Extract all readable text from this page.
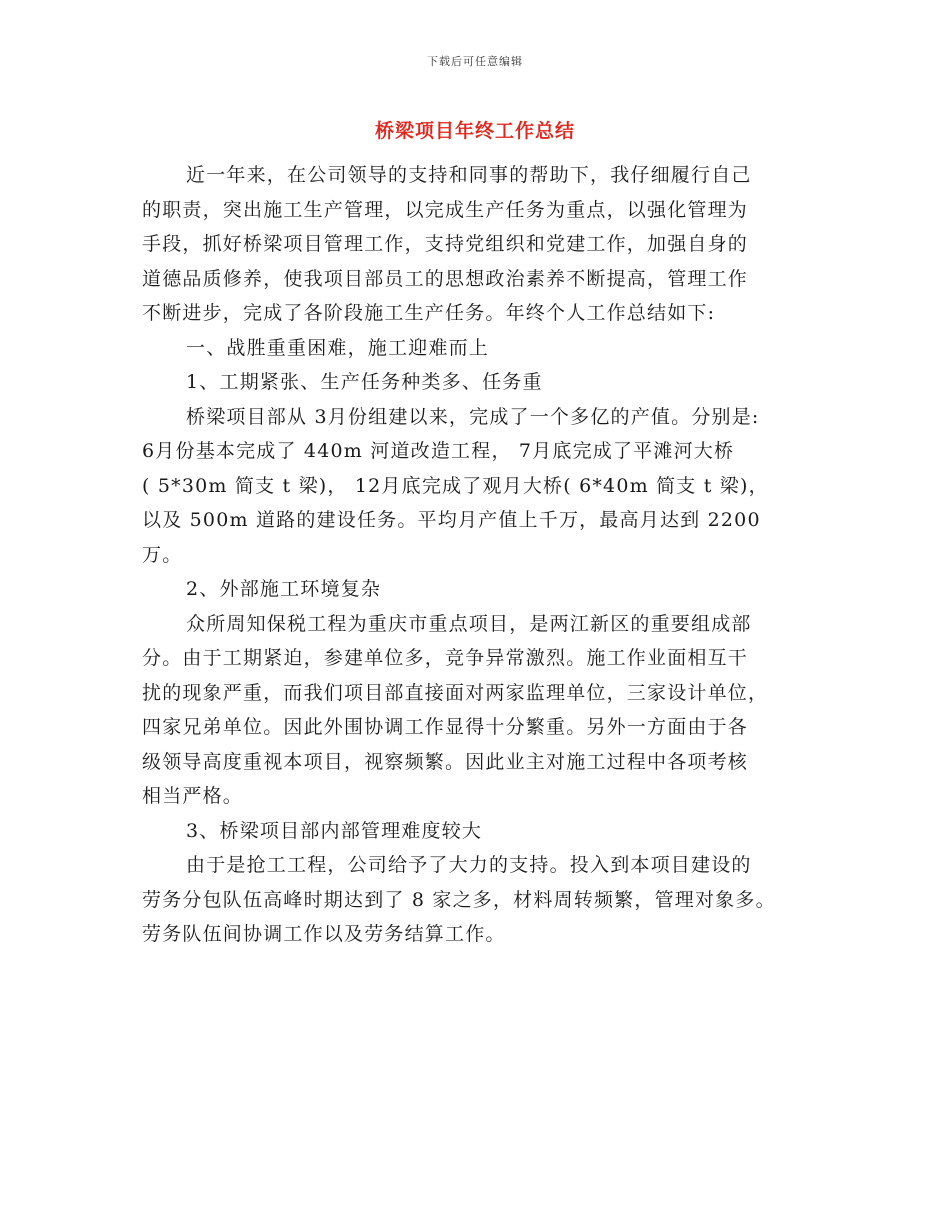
下载后可任意编辑
桥梁项目年终工作总结
近一年来，在公司领导的支持和同事的帮助下，我仔细履行自己
的职责，突出施工生产管理，以完成生产任务为重点，以强化管理为
手段，抓好桥梁项目管理工作，支持党组织和党建工作，加强自身的
道德品质修养，使我项目部员工的思想政治素养不断提高，管理工作
不断进步，完成了各阶段施工生产任务。年终个人工作总结如下:
一、战胜重重困难，施工迎难而上
1、工期紧张、生产任务种类多、任务重
桥梁项目部从 3月份组建以来，完成了一个多亿的产值。分别是:
6月份基本完成了 440m 河道改造工程， 7月底完成了平滩河大桥
( 5*30m 简支 t 梁)， 12月底完成了观月大桥( 6*40m 简支 t 梁)，
以及 500m 道路的建设任务。平均月产值上千万，最高月达到 2200
万。
2、外部施工环境复杂
众所周知保税工程为重庆市重点项目，是两江新区的重要组成部
分。由于工期紧迫，参建单位多，竞争异常激烈。施工作业面相互干
扰的现象严重，而我们项目部直接面对两家监理单位，三家设计单位，
四家兄弟单位。因此外围协调工作显得十分繁重。另外一方面由于各
级领导高度重视本项目，视察频繁。因此业主对施工过程中各项考核
相当严格。
3、桥梁项目部内部管理难度较大
由于是抢工工程，公司给予了大力的支持。投入到本项目建设的
劳务分包队伍高峰时期达到了 8 家之多，材料周转频繁，管理对象多。
劳务队伍间协调工作以及劳务结算工作。
